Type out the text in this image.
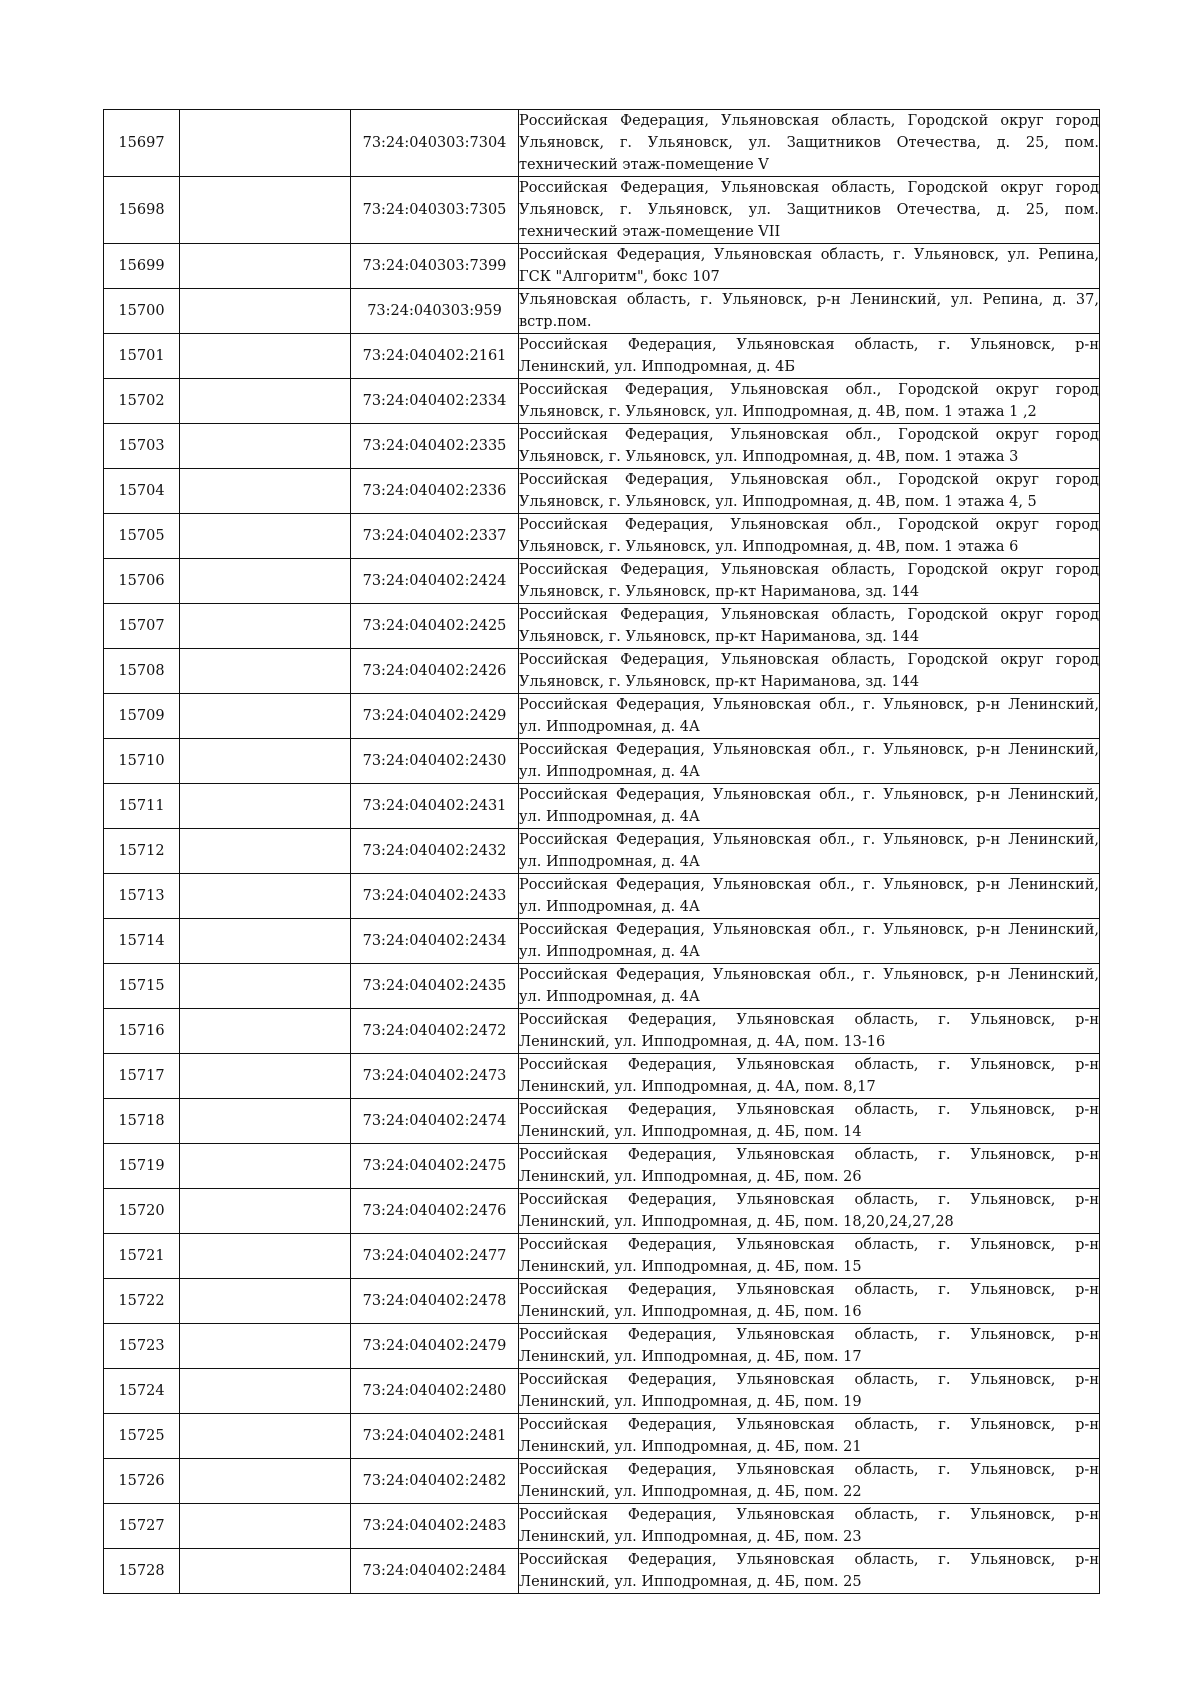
15697		73:24:040303:7304	Российская Федерация, Ульяновская область, Городской округ город Ульяновск, г. Ульяновск, ул. Защитников Отечества, д. 25, пом. технический этаж-помещение V
15698		73:24:040303:7305	Российская Федерация, Ульяновская область, Городской округ город Ульяновск, г. Ульяновск, ул. Защитников Отечества, д. 25, пом. технический этаж-помещение VII
15699		73:24:040303:7399	Российская Федерация, Ульяновская область, г. Ульяновск, ул. Репина, ГСК "Алгоритм", бокс 107
15700		73:24:040303:959	Ульяновская область, г. Ульяновск, р-н Ленинский, ул. Репина, д. 37, встр.пом.
15701		73:24:040402:2161	Российская Федерация, Ульяновская область, г. Ульяновск, р-н Ленинский, ул. Ипподромная, д. 4Б
15702		73:24:040402:2334	Российская Федерация, Ульяновская обл., Городской округ город Ульяновск, г. Ульяновск, ул. Ипподромная, д. 4В, пом. 1 этажа 1 ,2
15703		73:24:040402:2335	Российская Федерация, Ульяновская обл., Городской округ город Ульяновск, г. Ульяновск, ул. Ипподромная, д. 4В, пом. 1 этажа 3
15704		73:24:040402:2336	Российская Федерация, Ульяновская обл., Городской округ город Ульяновск, г. Ульяновск, ул. Ипподромная, д. 4В, пом. 1 этажа 4, 5
15705		73:24:040402:2337	Российская Федерация, Ульяновская обл., Городской округ город Ульяновск, г. Ульяновск, ул. Ипподромная, д. 4В, пом. 1 этажа 6
15706		73:24:040402:2424	Российская Федерация, Ульяновская область, Городской округ город Ульяновск, г. Ульяновск, пр-кт Нариманова, зд. 144
15707		73:24:040402:2425	Российская Федерация, Ульяновская область, Городской округ город Ульяновск, г. Ульяновск, пр-кт Нариманова, зд. 144
15708		73:24:040402:2426	Российская Федерация, Ульяновская область, Городской округ город Ульяновск, г. Ульяновск, пр-кт Нариманова, зд. 144
15709		73:24:040402:2429	Российская Федерация, Ульяновская обл., г. Ульяновск, р-н Ленинский, ул. Ипподромная, д. 4А
15710		73:24:040402:2430	Российская Федерация, Ульяновская обл., г. Ульяновск, р-н Ленинский, ул. Ипподромная, д. 4А
15711		73:24:040402:2431	Российская Федерация, Ульяновская обл., г. Ульяновск, р-н Ленинский, ул. Ипподромная, д. 4А
15712		73:24:040402:2432	Российская Федерация, Ульяновская обл., г. Ульяновск, р-н Ленинский, ул. Ипподромная, д. 4А
15713		73:24:040402:2433	Российская Федерация, Ульяновская обл., г. Ульяновск, р-н Ленинский, ул. Ипподромная, д. 4А
15714		73:24:040402:2434	Российская Федерация, Ульяновская обл., г. Ульяновск, р-н Ленинский, ул. Ипподромная, д. 4А
15715		73:24:040402:2435	Российская Федерация, Ульяновская обл., г. Ульяновск, р-н Ленинский, ул. Ипподромная, д. 4А
15716		73:24:040402:2472	Российская Федерация, Ульяновская область, г. Ульяновск, р-н Ленинский, ул. Ипподромная, д. 4А, пом. 13-16
15717		73:24:040402:2473	Российская Федерация, Ульяновская область, г. Ульяновск, р-н Ленинский, ул. Ипподромная, д. 4А, пом. 8,17
15718		73:24:040402:2474	Российская Федерация, Ульяновская область, г. Ульяновск, р-н Ленинский, ул. Ипподромная, д. 4Б, пом. 14
15719		73:24:040402:2475	Российская Федерация, Ульяновская область, г. Ульяновск, р-н Ленинский, ул. Ипподромная, д. 4Б, пом. 26
15720		73:24:040402:2476	Российская Федерация, Ульяновская область, г. Ульяновск, р-н Ленинский, ул. Ипподромная, д. 4Б, пом. 18,20,24,27,28
15721		73:24:040402:2477	Российская Федерация, Ульяновская область, г. Ульяновск, р-н Ленинский, ул. Ипподромная, д. 4Б, пом. 15
15722		73:24:040402:2478	Российская Федерация, Ульяновская область, г. Ульяновск, р-н Ленинский, ул. Ипподромная, д. 4Б, пом. 16
15723		73:24:040402:2479	Российская Федерация, Ульяновская область, г. Ульяновск, р-н Ленинский, ул. Ипподромная, д. 4Б, пом. 17
15724		73:24:040402:2480	Российская Федерация, Ульяновская область, г. Ульяновск, р-н Ленинский, ул. Ипподромная, д. 4Б, пом. 19
15725		73:24:040402:2481	Российская Федерация, Ульяновская область, г. Ульяновск, р-н Ленинский, ул. Ипподромная, д. 4Б, пом. 21
15726		73:24:040402:2482	Российская Федерация, Ульяновская область, г. Ульяновск, р-н Ленинский, ул. Ипподромная, д. 4Б, пом. 22
15727		73:24:040402:2483	Российская Федерация, Ульяновская область, г. Ульяновск, р-н Ленинский, ул. Ипподромная, д. 4Б, пом. 23
15728		73:24:040402:2484	Российская Федерация, Ульяновская область, г. Ульяновск, р-н Ленинский, ул. Ипподромная, д. 4Б, пом. 25
